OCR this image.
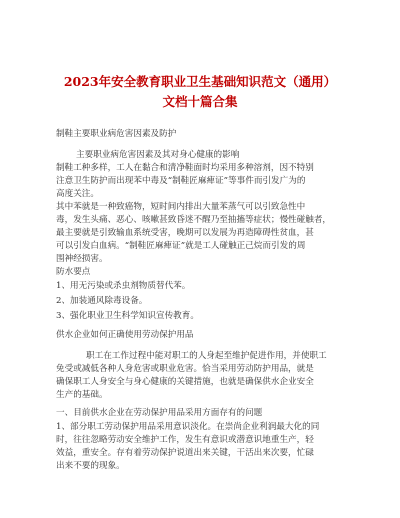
2023年安全教育职业卫生基础知识范文（通用）
文档十篇合集
制鞋主要职业病危害因素及防护
主要职业病危害因素及其对身心健康的影响
制鞋工种多样，工人在黏合和清净鞋面时均采用多种溶剂，因不特别
注意卫生防护而出现苯中毒及“制鞋匠麻痺证”等事件而引发广为的
高度关注。
其中苯就是一种致癌物，短时间内排出大量苯蒸气可以引致急性中
毒，发生头痛、恶心、咳嗽甚致昏迷不醒乃至抽搐等症状；慢性碰触者，
最主要就是引致输血系统受害，晚期可以发展为再造障碍性贫血，甚
可以引发白血病。“制鞋匠麻痺证”就是工人碰触正己烷而引发的周
围神经损害。
防水要点
1、用无污染或杀虫剂物质替代苯。
2、加装通风除毒设备。
3、强化职业卫生科学知识宣传教育。
供水企业如何正确使用劳动保护用品
职工在工作过程中能对职工的人身起至维护促进作用，并使职工
免受或减低各种人身危害或职业危害。恰当采用劳动防护用品，就是
确保职工人身安全与身心健康的关键措施，也就是确保供水企业安全
生产的基础。
一、目前供水企业在劳动保护用品采用方面存有的问题
1、部分职工劳动保护用品采用意识淡化。在崇尚企业利润最大化的同
时，往往忽略劳动安全维护工作，发生有意识或潜意识地重生产，轻
效益，重安全。存有着劳动保护说道出来关键，干活出来次要，忙碌
出来不要的现象。
